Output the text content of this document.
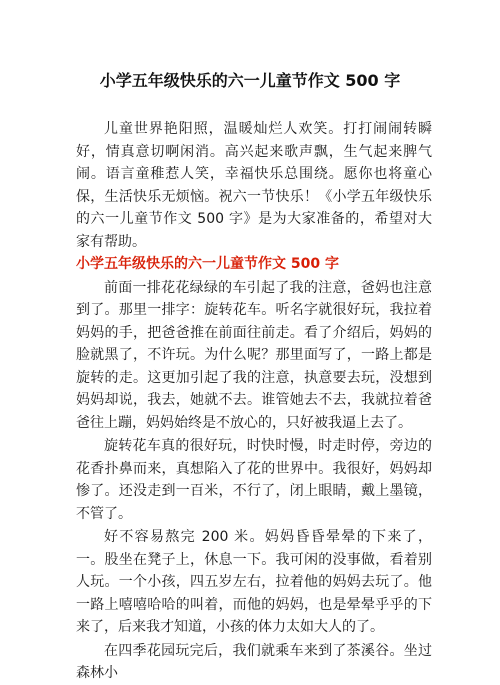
小学五年级快乐的六一儿童节作文 500 字

儿童世界艳阳照，温暖灿烂人欢笑。打打闹闹转瞬好，情真意切啊闲消。高兴起来歌声飘，生气起来脾气闹。语言童稚惹人笑，幸福快乐总围绕。愿你也将童心保，生活快乐无烦恼。祝六一节快乐！《小学五年级快乐的六一儿童节作文 500 字》是为大家准备的，希望对大家有帮助。

小学五年级快乐的六一儿童节作文 500 字

前面一排花花绿绿的车引起了我的注意，爸妈也注意到了。那里一排字：旋转花车。听名字就很好玩，我拉着妈妈的手，把爸爸推在前面往前走。看了介绍后，妈妈的脸就黑了，不许玩。为什么呢？那里面写了，一路上都是旋转的走。这更加引起了我的注意，执意要去玩，没想到妈妈却说，我去，她就不去。谁管她去不去，我就拉着爸爸往上蹦，妈妈始终是不放心的，只好被我逼上去了。

旋转花车真的很好玩，时快时慢，时走时停，旁边的花香扑鼻而来，真想陷入了花的世界中。我很好，妈妈却惨了。还没走到一百米，不行了，闭上眼睛，戴上墨镜，不管了。

好不容易熬完 200 米。妈妈昏昏晕晕的下来了，一。股坐在凳子上，休息一下。我可闲的没事做，看着别人玩。一个小孩，四五岁左右，拉着他的妈妈去玩了。他一路上嘻嘻哈哈的叫着，而他的妈妈，也是晕晕乎乎的下来了，后来我才知道，小孩的体力太如大人的了。

在四季花园玩完后，我们就乘车来到了茶溪谷。坐过森林小
